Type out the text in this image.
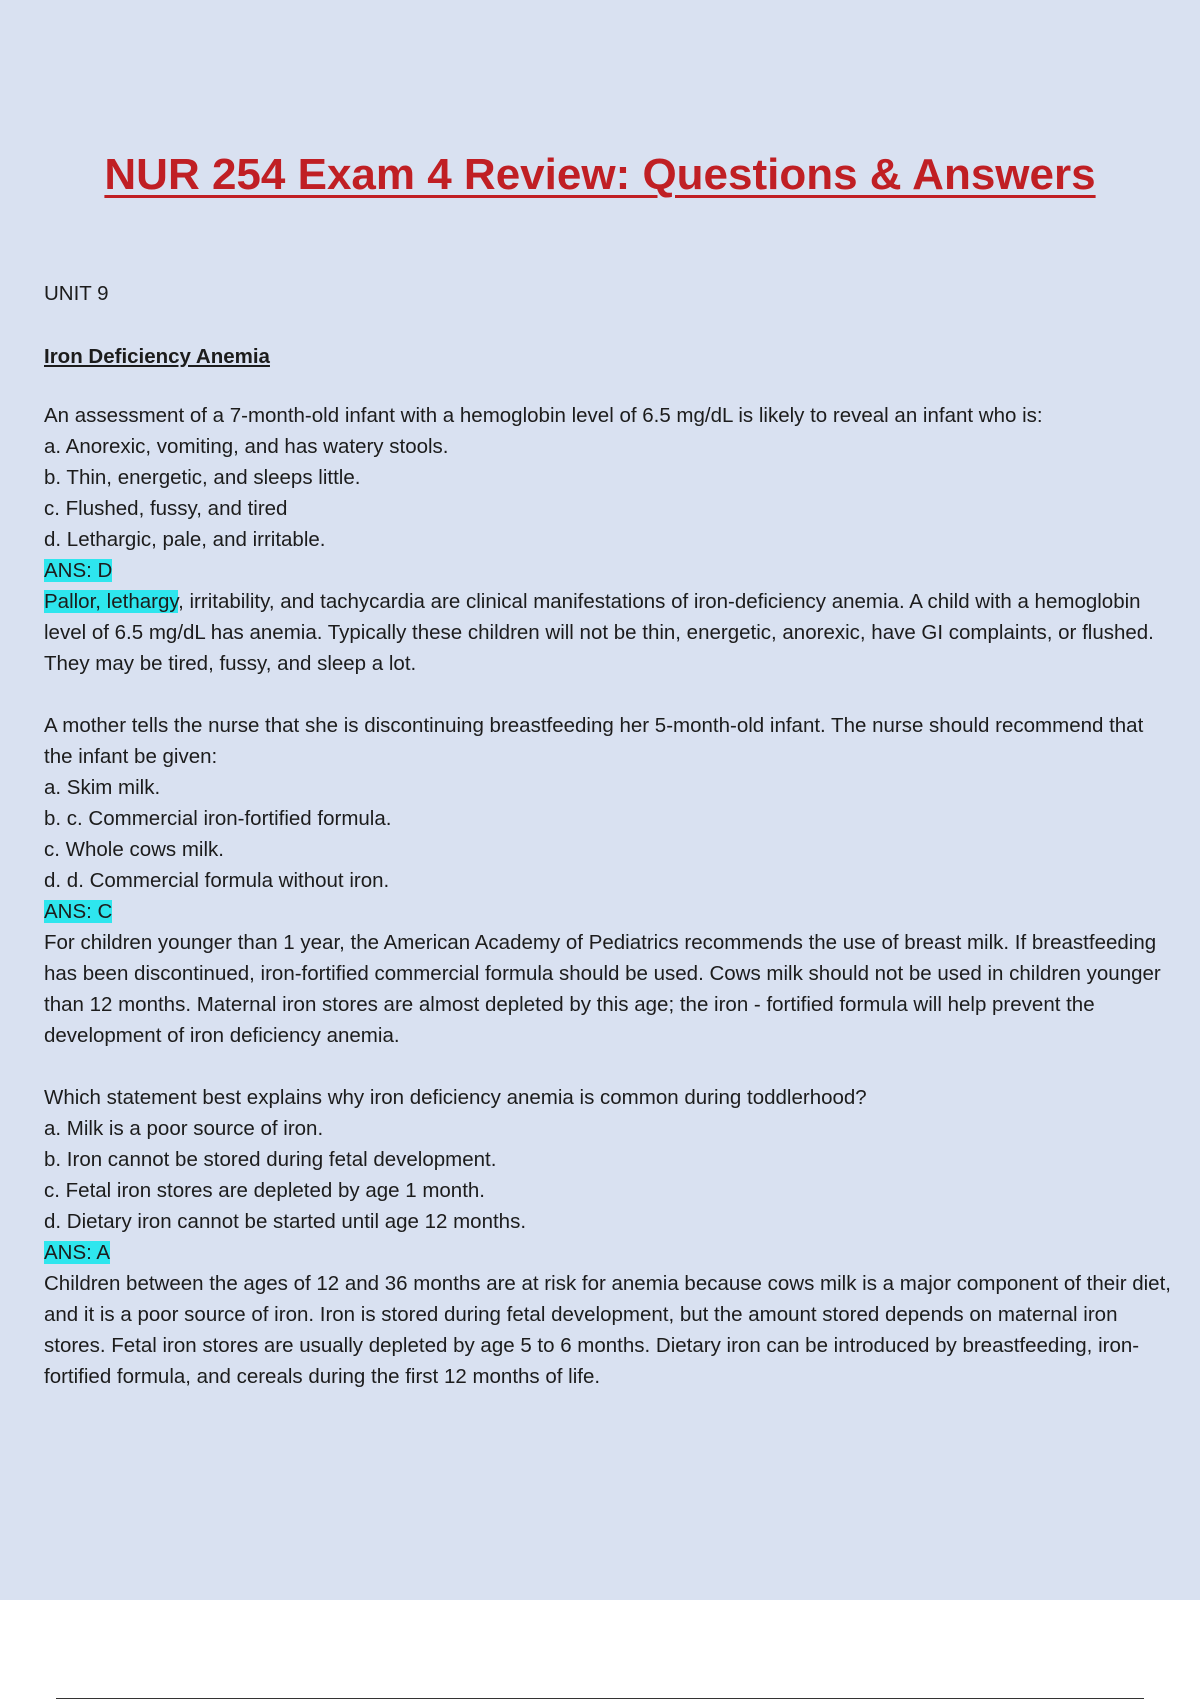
NUR 254 Exam 4 Review: Questions & Answers

UNIT 9

Iron Deficiency Anemia

An assessment of a 7-month-old infant with a hemoglobin level of 6.5 mg/dL is likely to reveal an infant who is:

a. Anorexic, vomiting, and has watery stools.

b. Thin, energetic, and sleeps little.

c. Flushed, fussy, and tired

d. Lethargic, pale, and irritable.

ANS: D

Pallor, lethargy, irritability, and tachycardia are clinical manifestations of iron-deficiency anemia. A child with a hemoglobin level of 6.5 mg/dL has anemia. Typically these children will not be thin, energetic, anorexic, have GI complaints, or flushed. They may be tired, fussy, and sleep a lot.

A mother tells the nurse that she is discontinuing breastfeeding her 5-month-old infant. The nurse should recommend that the infant be given:

a. Skim milk.

b. c. Commercial iron-fortified formula.

c. Whole cows milk.

d. d. Commercial formula without iron.

ANS: C

For children younger than 1 year, the American Academy of Pediatrics recommends the use of breast milk. If breastfeeding has been discontinued, iron-fortified commercial formula should be used. Cows milk should not be used in children younger than 12 months. Maternal iron stores are almost depleted by this age; the iron - fortified formula will help prevent the development of iron deficiency anemia.

Which statement best explains why iron deficiency anemia is common during toddlerhood?

a. Milk is a poor source of iron.

b. Iron cannot be stored during fetal development.

c. Fetal iron stores are depleted by age 1 month.

d. Dietary iron cannot be started until age 12 months.

ANS: A

Children between the ages of 12 and 36 months are at risk for anemia because cows milk is a major component of their diet, and it is a poor source of iron. Iron is stored during fetal development, but the amount stored depends on maternal iron stores. Fetal iron stores are usually depleted by age 5 to 6 months. Dietary iron can be introduced by breastfeeding, iron-fortified formula, and cereals during the first 12 months of life.
